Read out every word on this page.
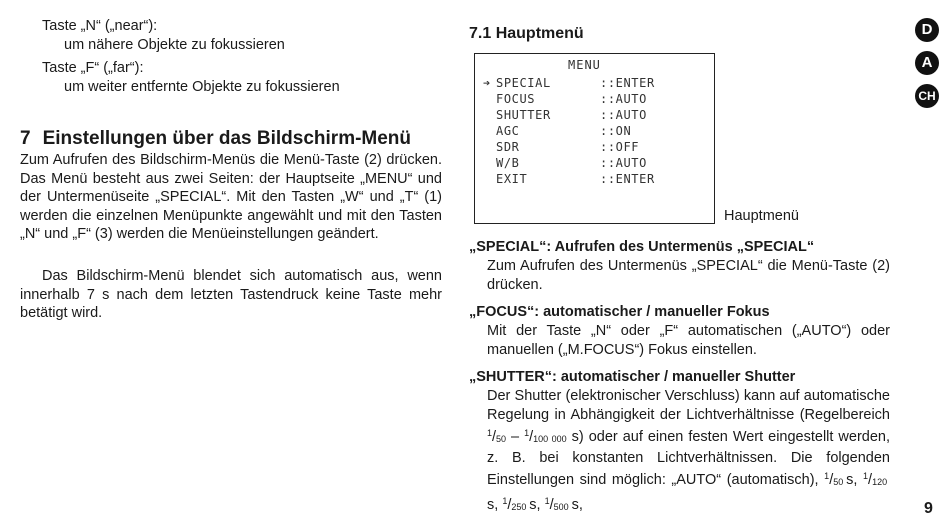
Taste „N“ („near“):
um nähere Objekte zu fokussieren
Taste „F“ („far“):
um weiter entfernte Objekte zu fokussieren
7 Einstellungen über das Bildschirm-Menü
Zum Aufrufen des Bildschirm-Menüs die Menü-Taste (2) drücken. Das Menü besteht aus zwei Seiten: der Hauptseite „MENU“ und der Untermenüseite „SPECIAL“. Mit den Tasten „W“ und „T“ (1) werden die einzelnen Menüpunkte angewählt und mit den Tasten „N“ und „F“ (3) werden die Menüeinstellungen geändert.
Das Bildschirm-Menü blendet sich automatisch aus, wenn innerhalb 7 s nach dem letzten Tastendruck keine Taste mehr betätigt wird.
7.1 Hauptmenü
MENU
➔ SPECIAL	::ENTER
FOCUS	::AUTO
SHUTTER	::AUTO
AGC	::ON
SDR	::OFF
W/B	::AUTO
EXIT	::ENTER
Hauptmenü
„SPECIAL“: Aufrufen des Untermenüs „SPECIAL“
Zum Aufrufen des Untermenüs „SPECIAL“ die Menü-Taste (2) drücken.
„FOCUS“: automatischer / manueller Fokus
Mit der Taste „N“ oder „F“ automatischen („AUTO“) oder manuellen („M.FOCUS“) Fokus einstellen.
„SHUTTER“: automatischer / manueller Shutter
Der Shutter (elektronischer Verschluss) kann auf automatische Regelung in Abhängigkeit der Lichtverhältnisse (Regelbereich $^1/_{50} - ^1/_{100 000}$ s) oder auf einen festen Wert eingestellt werden, z. B. bei konstanten Lichtverhältnissen. Die folgenden Einstellungen sind möglich: „AUTO“ (automatisch), $^1/_{50}$  s, $^1/_{120}$ s, $^1/_{250}$  s, $^1/_{500}$  s,
D
A
CH
9
